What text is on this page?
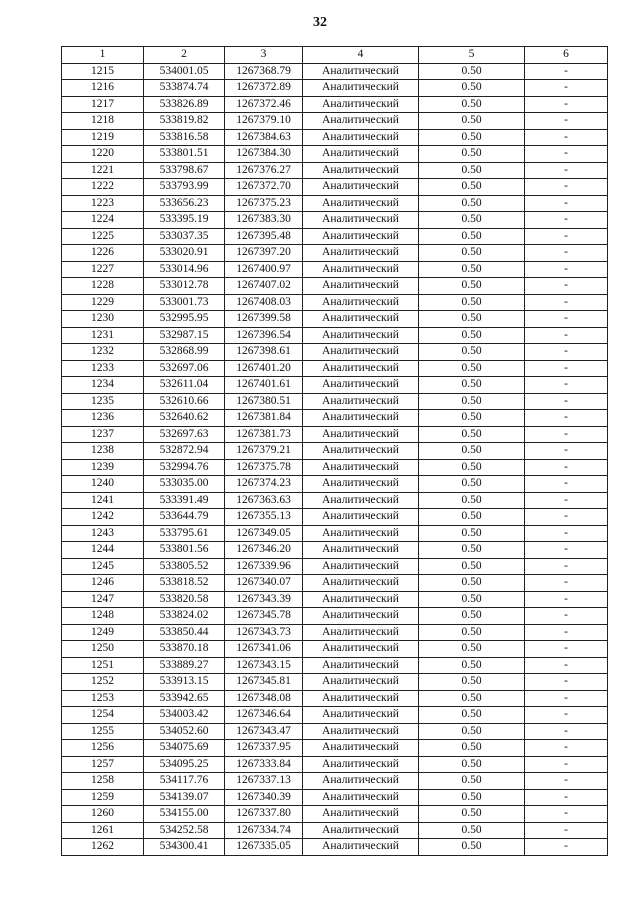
32
1	2	3	4	5	6
1215	534001.05	1267368.79	Аналитический	0.50	-
1216	533874.74	1267372.89	Аналитический	0.50	-
1217	533826.89	1267372.46	Аналитический	0.50	-
1218	533819.82	1267379.10	Аналитический	0.50	-
1219	533816.58	1267384.63	Аналитический	0.50	-
1220	533801.51	1267384.30	Аналитический	0.50	-
1221	533798.67	1267376.27	Аналитический	0.50	-
1222	533793.99	1267372.70	Аналитический	0.50	-
1223	533656.23	1267375.23	Аналитический	0.50	-
1224	533395.19	1267383.30	Аналитический	0.50	-
1225	533037.35	1267395.48	Аналитический	0.50	-
1226	533020.91	1267397.20	Аналитический	0.50	-
1227	533014.96	1267400.97	Аналитический	0.50	-
1228	533012.78	1267407.02	Аналитический	0.50	-
1229	533001.73	1267408.03	Аналитический	0.50	-
1230	532995.95	1267399.58	Аналитический	0.50	-
1231	532987.15	1267396.54	Аналитический	0.50	-
1232	532868.99	1267398.61	Аналитический	0.50	-
1233	532697.06	1267401.20	Аналитический	0.50	-
1234	532611.04	1267401.61	Аналитический	0.50	-
1235	532610.66	1267380.51	Аналитический	0.50	-
1236	532640.62	1267381.84	Аналитический	0.50	-
1237	532697.63	1267381.73	Аналитический	0.50	-
1238	532872.94	1267379.21	Аналитический	0.50	-
1239	532994.76	1267375.78	Аналитический	0.50	-
1240	533035.00	1267374.23	Аналитический	0.50	-
1241	533391.49	1267363.63	Аналитический	0.50	-
1242	533644.79	1267355.13	Аналитический	0.50	-
1243	533795.61	1267349.05	Аналитический	0.50	-
1244	533801.56	1267346.20	Аналитический	0.50	-
1245	533805.52	1267339.96	Аналитический	0.50	-
1246	533818.52	1267340.07	Аналитический	0.50	-
1247	533820.58	1267343.39	Аналитический	0.50	-
1248	533824.02	1267345.78	Аналитический	0.50	-
1249	533850.44	1267343.73	Аналитический	0.50	-
1250	533870.18	1267341.06	Аналитический	0.50	-
1251	533889.27	1267343.15	Аналитический	0.50	-
1252	533913.15	1267345.81	Аналитический	0.50	-
1253	533942.65	1267348.08	Аналитический	0.50	-
1254	534003.42	1267346.64	Аналитический	0.50	-
1255	534052.60	1267343.47	Аналитический	0.50	-
1256	534075.69	1267337.95	Аналитический	0.50	-
1257	534095.25	1267333.84	Аналитический	0.50	-
1258	534117.76	1267337.13	Аналитический	0.50	-
1259	534139.07	1267340.39	Аналитический	0.50	-
1260	534155.00	1267337.80	Аналитический	0.50	-
1261	534252.58	1267334.74	Аналитический	0.50	-
1262	534300.41	1267335.05	Аналитический	0.50	-
